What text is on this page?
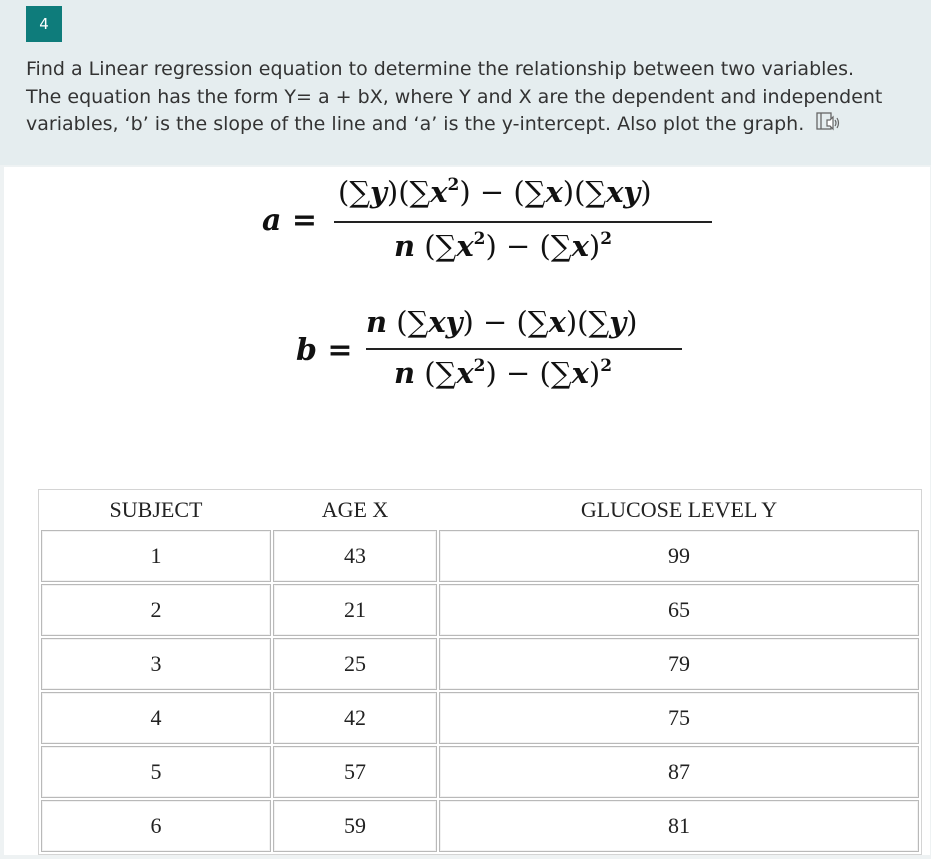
4
Find a Linear regression equation to determine the relationship between two variables. The equation has the form Y= a + bX, where Y and X are the dependent and independent variables, ‘b’ is the slope of the line and ‘a’ is the y-intercept. Also plot the graph.
a =
$(\sum y)(\sum x^2) - (\sum x)(\sum xy)$
n $(\sum x^2) - (\sum x)^2$
b =
n (∑xy) − (∑x)(∑y)
n $(\sum x^2) - (\sum x)^2$
SUBJECT	AGE X	GLUCOSE LEVEL Y
1	43	99
2	21	65
3	25	79
4	42	75
5	57	87
6	59	81
